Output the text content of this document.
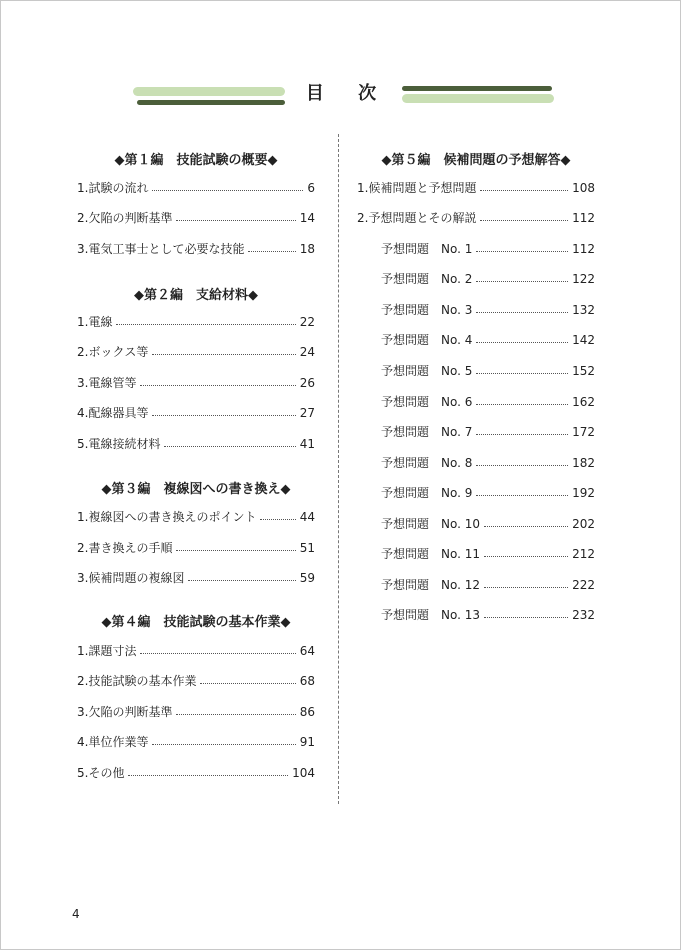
目 次
◆第１編　技能試験の概要◆
1. 試験の流れ	6
2. 欠陥の判断基準	14
3. 電気工事士として必要な技能	18
◆第２編　支給材料◆
1. 電線	22
2. ボックス等	24
3. 電線管等	26
4. 配線器具等	27
5. 電線接続材料	41
◆第３編　複線図への書き換え◆
1. 複線図への書き換えのポイント	44
2. 書き換えの手順	51
3. 候補問題の複線図	59
◆第４編　技能試験の基本作業◆
1. 課題寸法	64
2. 技能試験の基本作業	68
3. 欠陥の判断基準	86
4. 単位作業等	91
5. その他	104
◆第５編　候補問題の予想解答◆
1. 候補問題と予想問題	108
2. 予想問題とその解説	112
予想問題　No. 1	112
予想問題　No. 2	122
予想問題　No. 3	132
予想問題　No. 4	142
予想問題　No. 5	152
予想問題　No. 6	162
予想問題　No. 7	172
予想問題　No. 8	182
予想問題　No. 9	192
予想問題　No. 10	202
予想問題　No. 11	212
予想問題　No. 12	222
予想問題　No. 13	232
4
